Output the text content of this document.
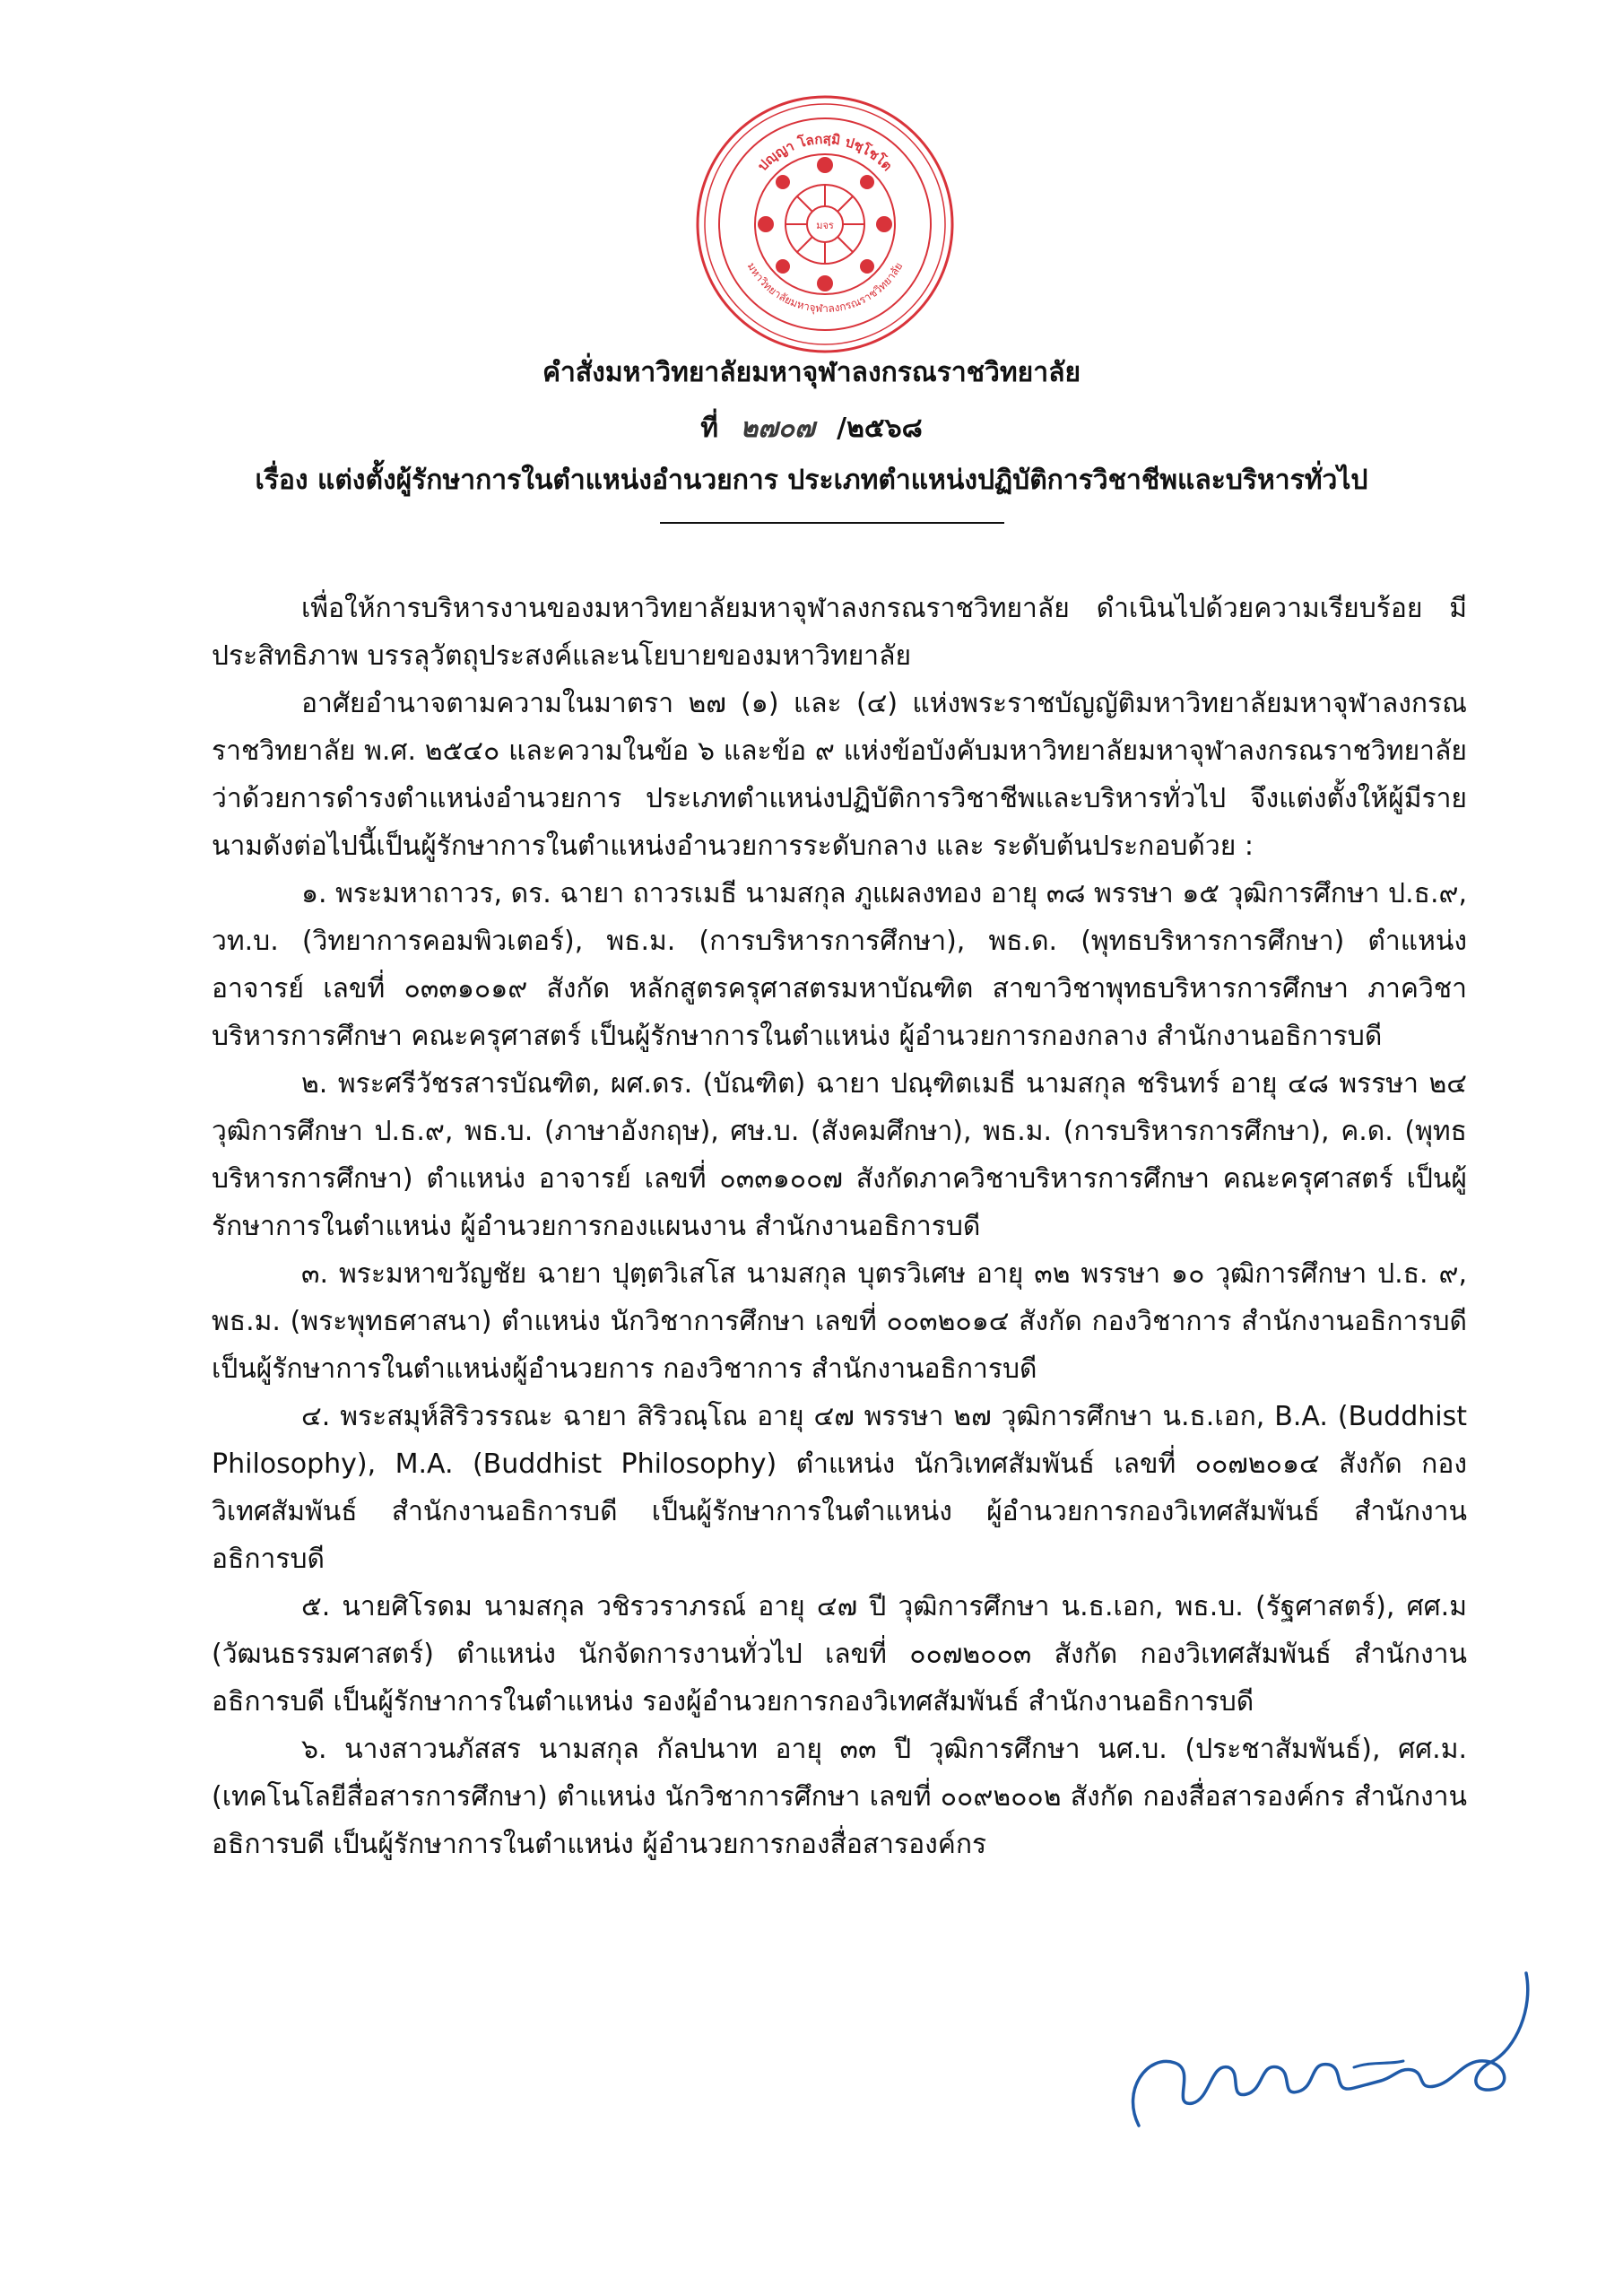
ปญฺญา โลกสฺมิ ปชฺโชโต
มหาวิทยาลัยมหาจุฬาลงกรณราชวิทยาลัย
มจร
คำสั่งมหาวิทยาลัยมหาจุฬาลงกรณราชวิทยาลัย
ที่ ๒๗๐๗ /๒๕๖๘
เรื่อง แต่งตั้งผู้รักษาการในตำแหน่งอำนวยการ ประเภทตำแหน่งปฏิบัติการวิชาชีพและบริหารทั่วไป

เพื่อให้การบริหารงานของมหาวิทยาลัยมหาจุฬาลงกรณราชวิทยาลัย ดำเนินไปด้วยความเรียบร้อย มีประสิทธิภาพ บรรลุวัตถุประสงค์และนโยบายของมหาวิทยาลัย

อาศัยอำนาจตามความในมาตรา ๒๗ (๑) และ (๔) แห่งพระราชบัญญัติมหาวิทยาลัยมหาจุฬาลงกรณราชวิทยาลัย พ.ศ. ๒๕๔๐ และความในข้อ ๖ และข้อ ๙ แห่งข้อบังคับมหาวิทยาลัยมหาจุฬาลงกรณราชวิทยาลัย ว่าด้วยการดำรงตำแหน่งอำนวยการ ประเภทตำแหน่งปฏิบัติการวิชาชีพและบริหารทั่วไป จึงแต่งตั้งให้ผู้มีรายนามดังต่อไปนี้เป็นผู้รักษาการในตำแหน่งอำนวยการระดับกลาง และ ระดับต้นประกอบด้วย :

๑. พระมหาถาวร, ดร. ฉายา ถาวรเมธี นามสกุล ภูแผลงทอง อายุ ๓๘ พรรษา ๑๕ วุฒิการศึกษา ป.ธ.๙, วท.บ. (วิทยาการคอมพิวเตอร์), พธ.ม. (การบริหารการศึกษา), พธ.ด. (พุทธบริหารการศึกษา) ตำแหน่ง อาจารย์ เลขที่ ๐๓๓๑๐๑๙ สังกัด หลักสูตรครุศาสตรมหาบัณฑิต สาขาวิชาพุทธบริหารการศึกษา ภาควิชาบริหารการศึกษา คณะครุศาสตร์ เป็นผู้รักษาการในตำแหน่ง ผู้อำนวยการกองกลาง สำนักงานอธิการบดี

๒. พระศรีวัชรสารบัณฑิต, ผศ.ดร. (บัณฑิต) ฉายา ปณฺฑิตเมธี นามสกุล ชรินทร์ อายุ ๔๘ พรรษา ๒๔ วุฒิการศึกษา ป.ธ.๙, พธ.บ. (ภาษาอังกฤษ), ศษ.บ. (สังคมศึกษา), พธ.ม. (การบริหารการศึกษา), ค.ด. (พุทธบริหารการศึกษา) ตำแหน่ง อาจารย์ เลขที่ ๐๓๓๑๐๐๗ สังกัดภาควิชาบริหารการศึกษา คณะครุศาสตร์ เป็นผู้รักษาการในตำแหน่ง ผู้อำนวยการกองแผนงาน สำนักงานอธิการบดี

๓. พระมหาขวัญชัย ฉายา ปุตฺตวิเสโส นามสกุล บุตรวิเศษ อายุ ๓๒ พรรษา ๑๐ วุฒิการศึกษา ป.ธ. ๙, พธ.ม. (พระพุทธศาสนา) ตำแหน่ง นักวิชาการศึกษา เลขที่ ๐๐๓๒๐๑๔ สังกัด กองวิชาการ สำนักงานอธิการบดี เป็นผู้รักษาการในตำแหน่งผู้อำนวยการ กองวิชาการ สำนักงานอธิการบดี

๔. พระสมุห์สิริวรรณะ ฉายา สิริวณฺโณ อายุ ๔๗ พรรษา ๒๗ วุฒิการศึกษา น.ธ.เอก, B.A. (Buddhist Philosophy), M.A. (Buddhist Philosophy) ตำแหน่ง นักวิเทศสัมพันธ์ เลขที่ ๐๐๗๒๐๑๔ สังกัด กองวิเทศสัมพันธ์ สำนักงานอธิการบดี เป็นผู้รักษาการในตำแหน่ง ผู้อำนวยการกองวิเทศสัมพันธ์ สำนักงานอธิการบดี

๕. นายศิโรดม นามสกุล วชิรวราภรณ์ อายุ ๔๗ ปี วุฒิการศึกษา น.ธ.เอก, พธ.บ. (รัฐศาสตร์), ศศ.ม (วัฒนธรรมศาสตร์) ตำแหน่ง นักจัดการงานทั่วไป เลขที่ ๐๐๗๒๐๐๓ สังกัด กองวิเทศสัมพันธ์ สำนักงานอธิการบดี เป็นผู้รักษาการในตำแหน่ง รองผู้อำนวยการกองวิเทศสัมพันธ์ สำนักงานอธิการบดี

๖. นางสาวนภัสสร นามสกุล กัลปนาท อายุ ๓๓ ปี วุฒิการศึกษา นศ.บ. (ประชาสัมพันธ์), ศศ.ม. (เทคโนโลยีสื่อสารการศึกษา) ตำแหน่ง นักวิชาการศึกษา เลขที่ ๐๐๙๒๐๐๒ สังกัด กองสื่อสารองค์กร สำนักงานอธิการบดี เป็นผู้รักษาการในตำแหน่ง ผู้อำนวยการกองสื่อสารองค์กร
